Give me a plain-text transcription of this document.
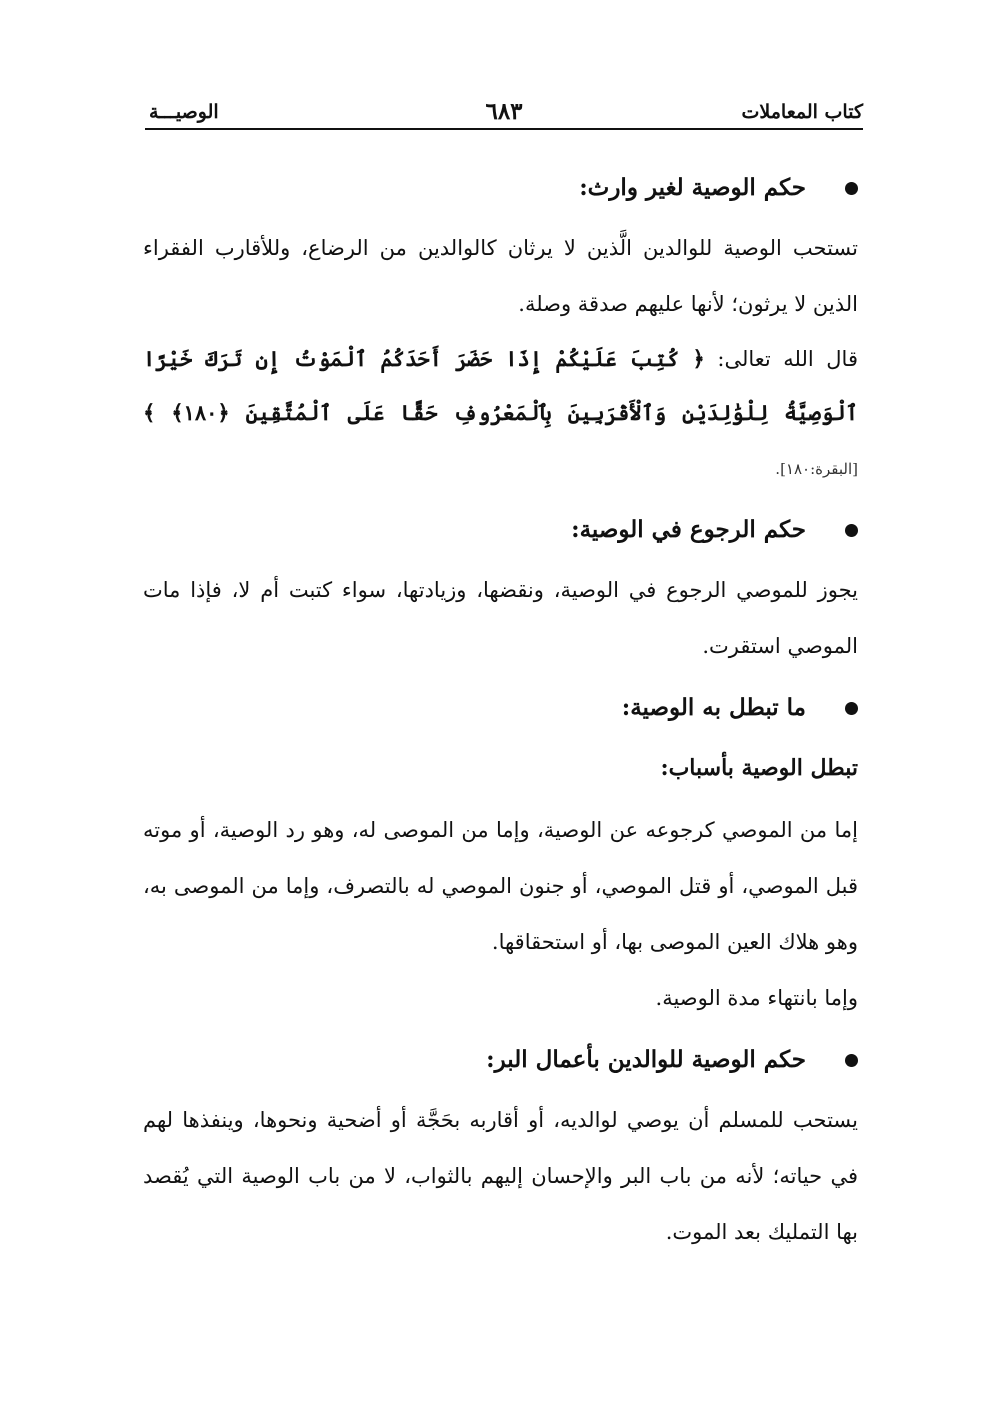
كتاب المعاملات
٦٨٣
الوصيـــة
حكم الوصية لغير وارث:

تستحب الوصية للوالدين الَّذين لا يرثان كالوالدين من الرضاع، وللأقارب الفقراء الذين لا يرثون؛ لأنها عليهم صدقة وصلة.

قال الله تعالى: ﴿ كُتِبَ عَلَيْكُمْ إِذَا حَضَرَ أَحَدَكُمُ ٱلْمَوْتُ إِن تَرَكَ خَيْرًا ٱلْوَصِيَّةُ لِلْوَٰلِدَيْنِ وَٱلْأَقْرَبِينَ بِٱلْمَعْرُوفِ حَقًّا عَلَى ٱلْمُتَّقِينَ ﴿١٨٠﴾ ﴾ [البقرة:١٨٠].

حكم الرجوع في الوصية:

يجوز للموصي الرجوع في الوصية، ونقضها، وزيادتها، سواء كتبت أم لا، فإذا مات الموصي استقرت.

ما تبطل به الوصية:

تبطل الوصية بأسباب:

إما من الموصي كرجوعه عن الوصية، وإما من الموصى له، وهو رد الوصية، أو موته قبل الموصي، أو قتل الموصي، أو جنون الموصي له بالتصرف، وإما من الموصى به، وهو هلاك العين الموصى بها، أو استحقاقها.

وإما بانتهاء مدة الوصية.

حكم الوصية للوالدين بأعمال البر:

يستحب للمسلم أن يوصي لوالديه، أو أقاربه بحَجَّة أو أضحية ونحوها، وينفذها لهم في حياته؛ لأنه من باب البر والإحسان إليهم بالثواب، لا من باب الوصية التي يُقصد بها التمليك بعد الموت.
